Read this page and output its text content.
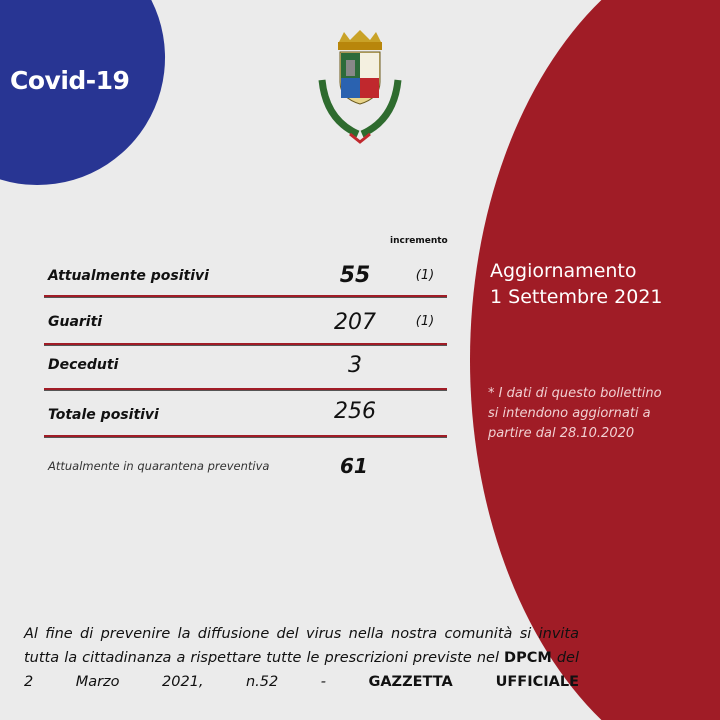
Covid-19
incremento
Attualmente positivi	55	(1)
Guariti	207	(1)
Deceduti	3
Totale positivi	256
Attualmente in quarantena preventiva	61
Aggiornamento
1 Settembre 2021
* I dati di questo bollettino
si intendono aggiornati a
partire dal 28.10.2020
Al fine di prevenire la diffusione del virus nella nostra comunità si invita tutta la cittadinanza a rispettare tutte le prescrizioni previste nel DPCM del 2 Marzo 2021, n.52 - GAZZETTA UFFICIALE
